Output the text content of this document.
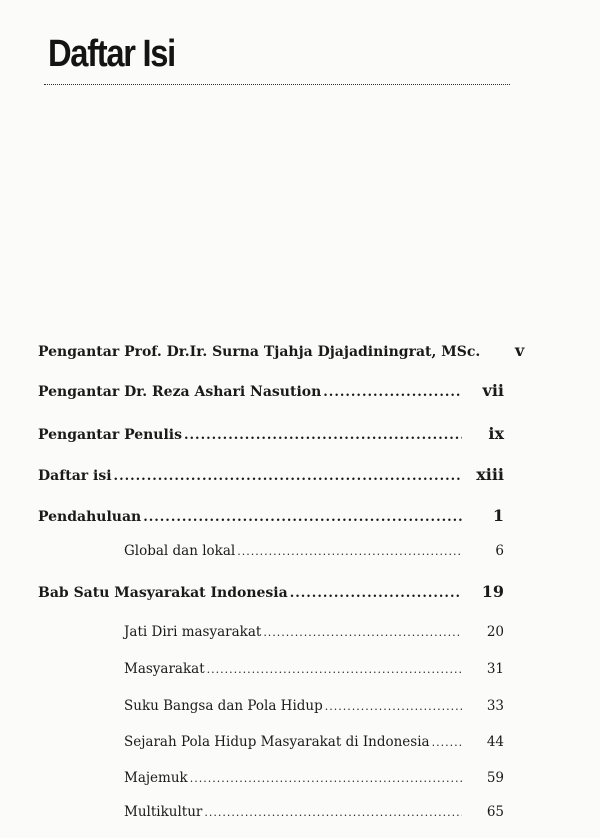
Daftar Isi
Pengantar Prof. Dr.Ir. Surna Tjahja Djajadiningrat, MSc.	v
Pengantar Dr. Reza Ashari Nasution .....	vii
Pengantar Penulis .....	ix
Daftar isi .....	xiii
Pendahuluan .....	1
Global dan lokal .....	6
Bab Satu Masyarakat Indonesia .....	19
Jati Diri masyarakat .....	20
Masyarakat .....	31
Suku Bangsa dan Pola Hidup .....	33
Sejarah Pola Hidup Masyarakat di Indonesia .....	44
Majemuk .....	59
Multikultur .....	65
